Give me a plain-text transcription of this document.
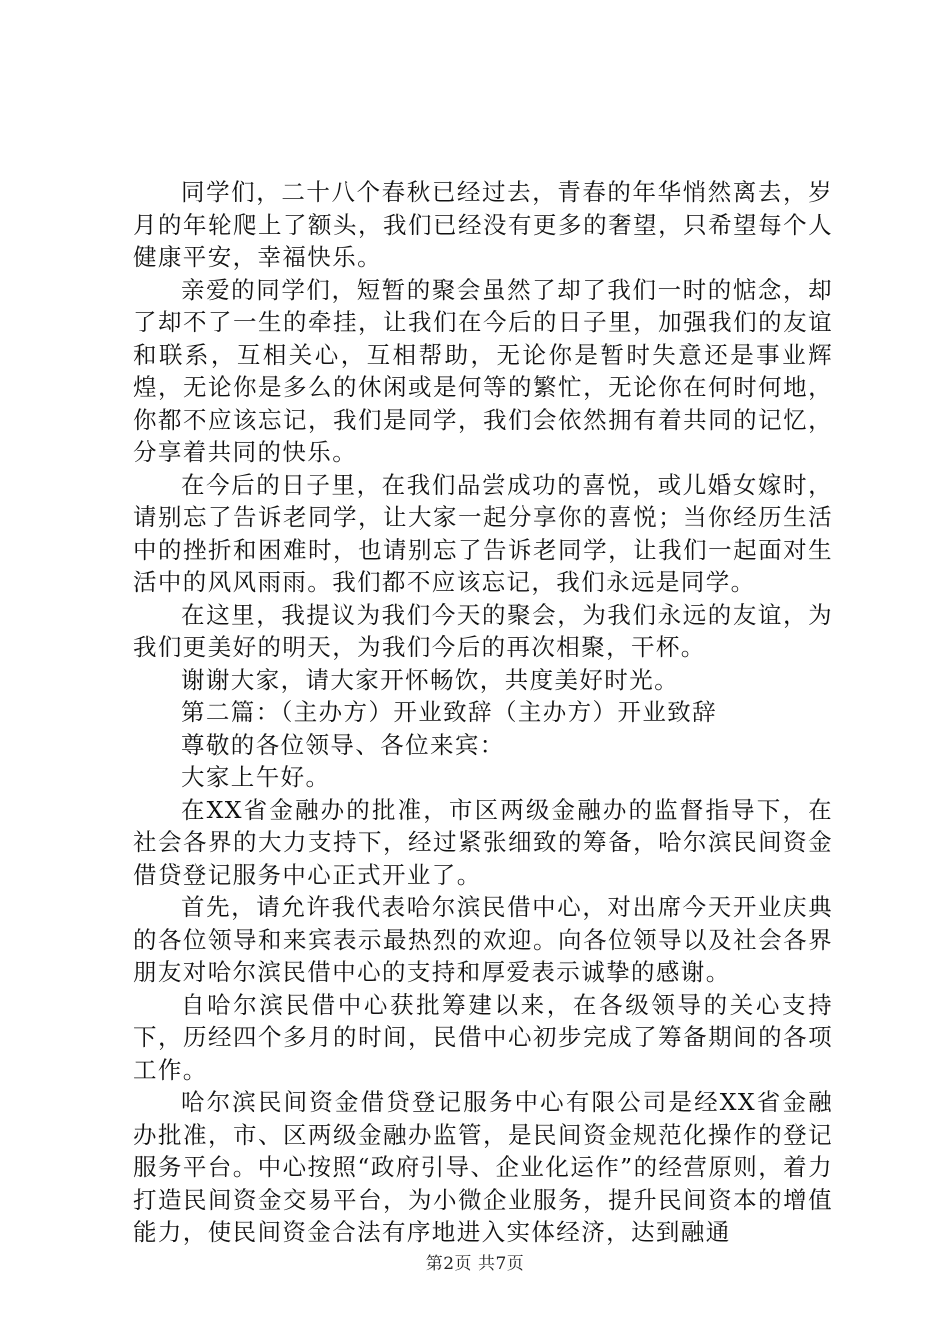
同学们，二十八个春秋已经过去，青春的年华悄然离去，岁月的年轮爬上了额头，我们已经没有更多的奢望，只希望每个人健康平安，幸福快乐。

亲爱的同学们，短暂的聚会虽然了却了我们一时的惦念，却了却不了一生的牵挂，让我们在今后的日子里，加强我们的友谊和联系，互相关心，互相帮助，无论你是暂时失意还是事业辉煌，无论你是多么的休闲或是何等的繁忙，无论你在何时何地，你都不应该忘记，我们是同学，我们会依然拥有着共同的记忆，分享着共同的快乐。

在今后的日子里，在我们品尝成功的喜悦，或儿婚女嫁时，请别忘了告诉老同学，让大家一起分享你的喜悦；当你经历生活中的挫折和困难时，也请别忘了告诉老同学，让我们一起面对生活中的风风雨雨。我们都不应该忘记，我们永远是同学。

在这里，我提议为我们今天的聚会，为我们永远的友谊，为我们更美好的明天，为我们今后的再次相聚，干杯。

谢谢大家，请大家开怀畅饮，共度美好时光。

第二篇：（主办方）开业致辞（主办方）开业致辞

尊敬的各位领导、各位来宾：

大家上午好。

在XX省金融办的批准，市区两级金融办的监督指导下，在社会各界的大力支持下，经过紧张细致的筹备，哈尔滨民间资金借贷登记服务中心正式开业了。

首先，请允许我代表哈尔滨民借中心，对出席今天开业庆典的各位领导和来宾表示最热烈的欢迎。向各位领导以及社会各界朋友对哈尔滨民借中心的支持和厚爱表示诚挚的感谢。

自哈尔滨民借中心获批筹建以来，在各级领导的关心支持下，历经四个多月的时间，民借中心初步完成了筹备期间的各项工作。

哈尔滨民间资金借贷登记服务中心有限公司是经XX省金融办批准，市、区两级金融办监管，是民间资金规范化操作的登记服务平台。中心按照“政府引导、企业化运作”的经营原则，着力打造民间资金交易平台，为小微企业服务，提升民间资本的增值能力，使民间资金合法有序地进入实体经济，达到融通

第2页 共7页
